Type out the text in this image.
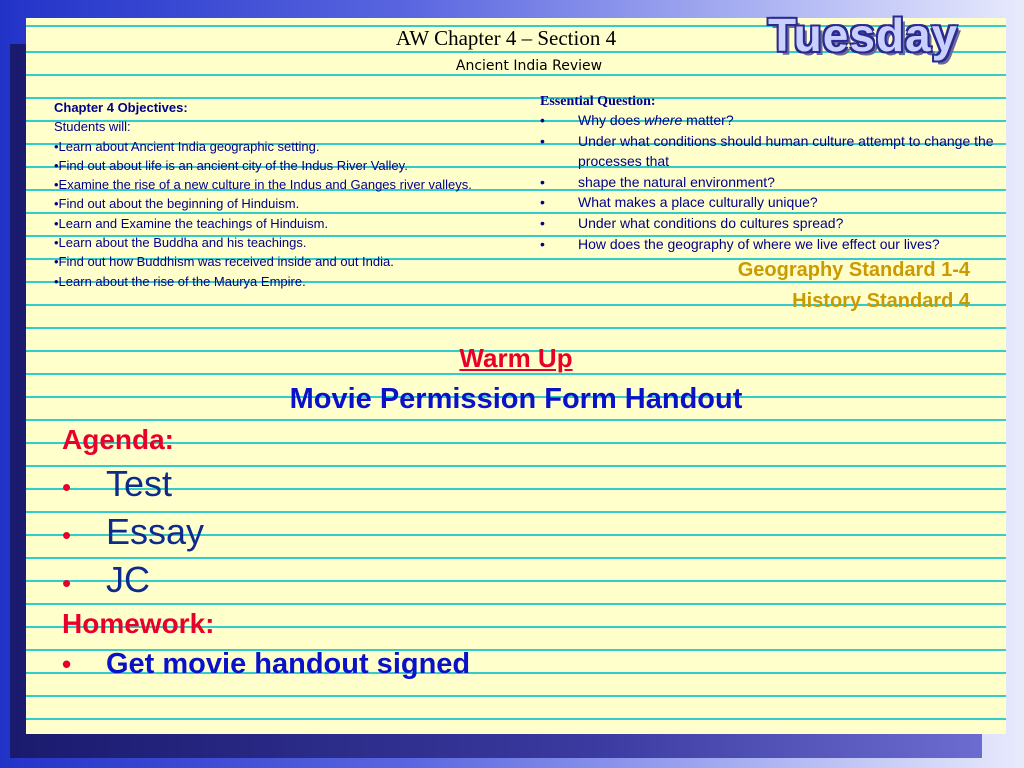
AW Chapter 4 – Section 4
Ancient India Review
Tuesday
Chapter 4 Objectives:
Students will:
•Learn about Ancient India geographic setting.
•Find out about life is an ancient city of the Indus River Valley.
•Examine the rise of a new culture in the Indus and Ganges river valleys.
•Find out about the beginning of Hinduism.
•Learn and Examine the teachings of Hinduism.
•Learn about the Buddha and his teachings.
•Find out how Buddhism was received inside and out India.
•Learn about the rise of the Maurya Empire.
Essential Question:
•	Why does where matter?
•	Under what conditions should human culture attempt to change the processes that
•	shape the natural environment?
•	What makes a place culturally unique?
•	Under what conditions do cultures spread?
•	How does the geography of where we live effect our lives?
Geography Standard 1-4
History Standard 4
Warm Up
Movie Permission Form Handout
Agenda:
• Test
• Essay
• JC
Homework:
•	Get movie handout signed
